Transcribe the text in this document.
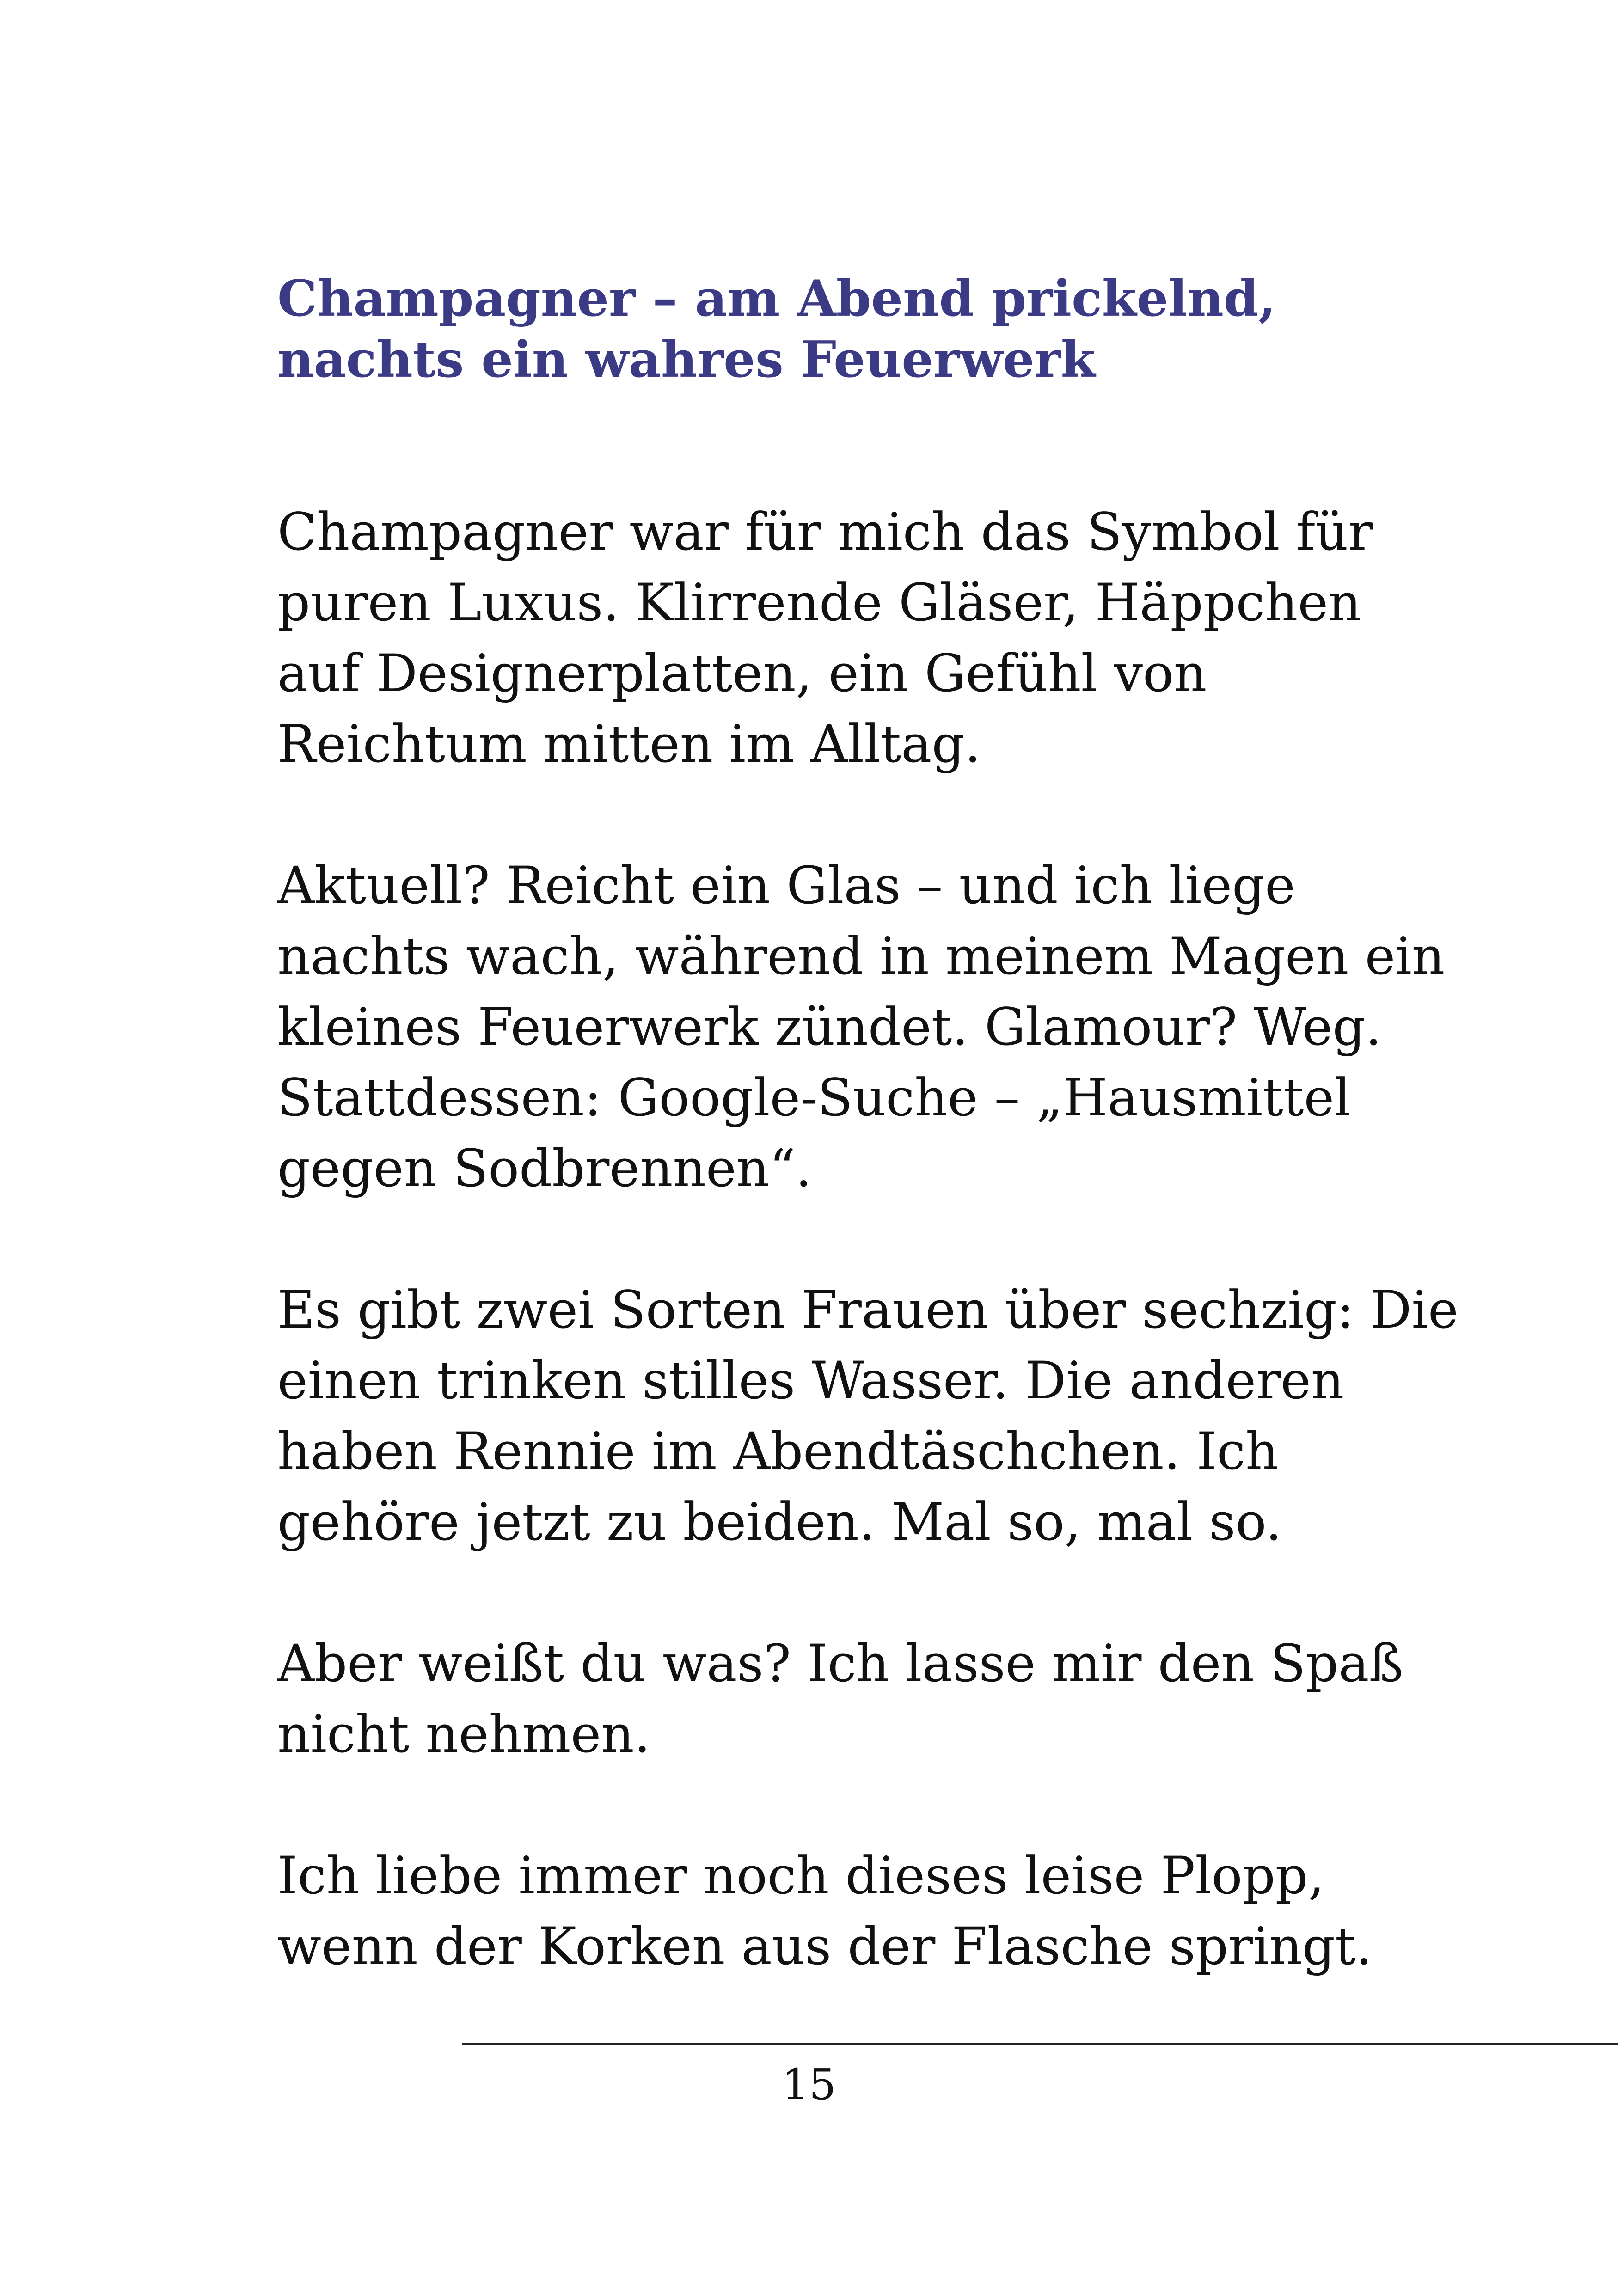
Champagner – am Abend prickelnd,
nachts ein wahres Feuerwerk

Champagner war für mich das Symbol für
puren Luxus. Klirrende Gläser, Häppchen
auf Designerplatten, ein Gefühl von
Reichtum mitten im Alltag.

Aktuell? Reicht ein Glas – und ich liege
nachts wach, während in meinem Magen ein
kleines Feuerwerk zündet. Glamour? Weg.
Stattdessen: Google-Suche – „Hausmittel
gegen Sodbrennen“.

Es gibt zwei Sorten Frauen über sechzig: Die
einen trinken stilles Wasser. Die anderen
haben Rennie im Abendtäschchen. Ich
gehöre jetzt zu beiden. Mal so, mal so.

Aber weißt du was? Ich lasse mir den Spaß
nicht nehmen.

Ich liebe immer noch dieses leise Plopp,
wenn der Korken aus der Flasche springt.

15
